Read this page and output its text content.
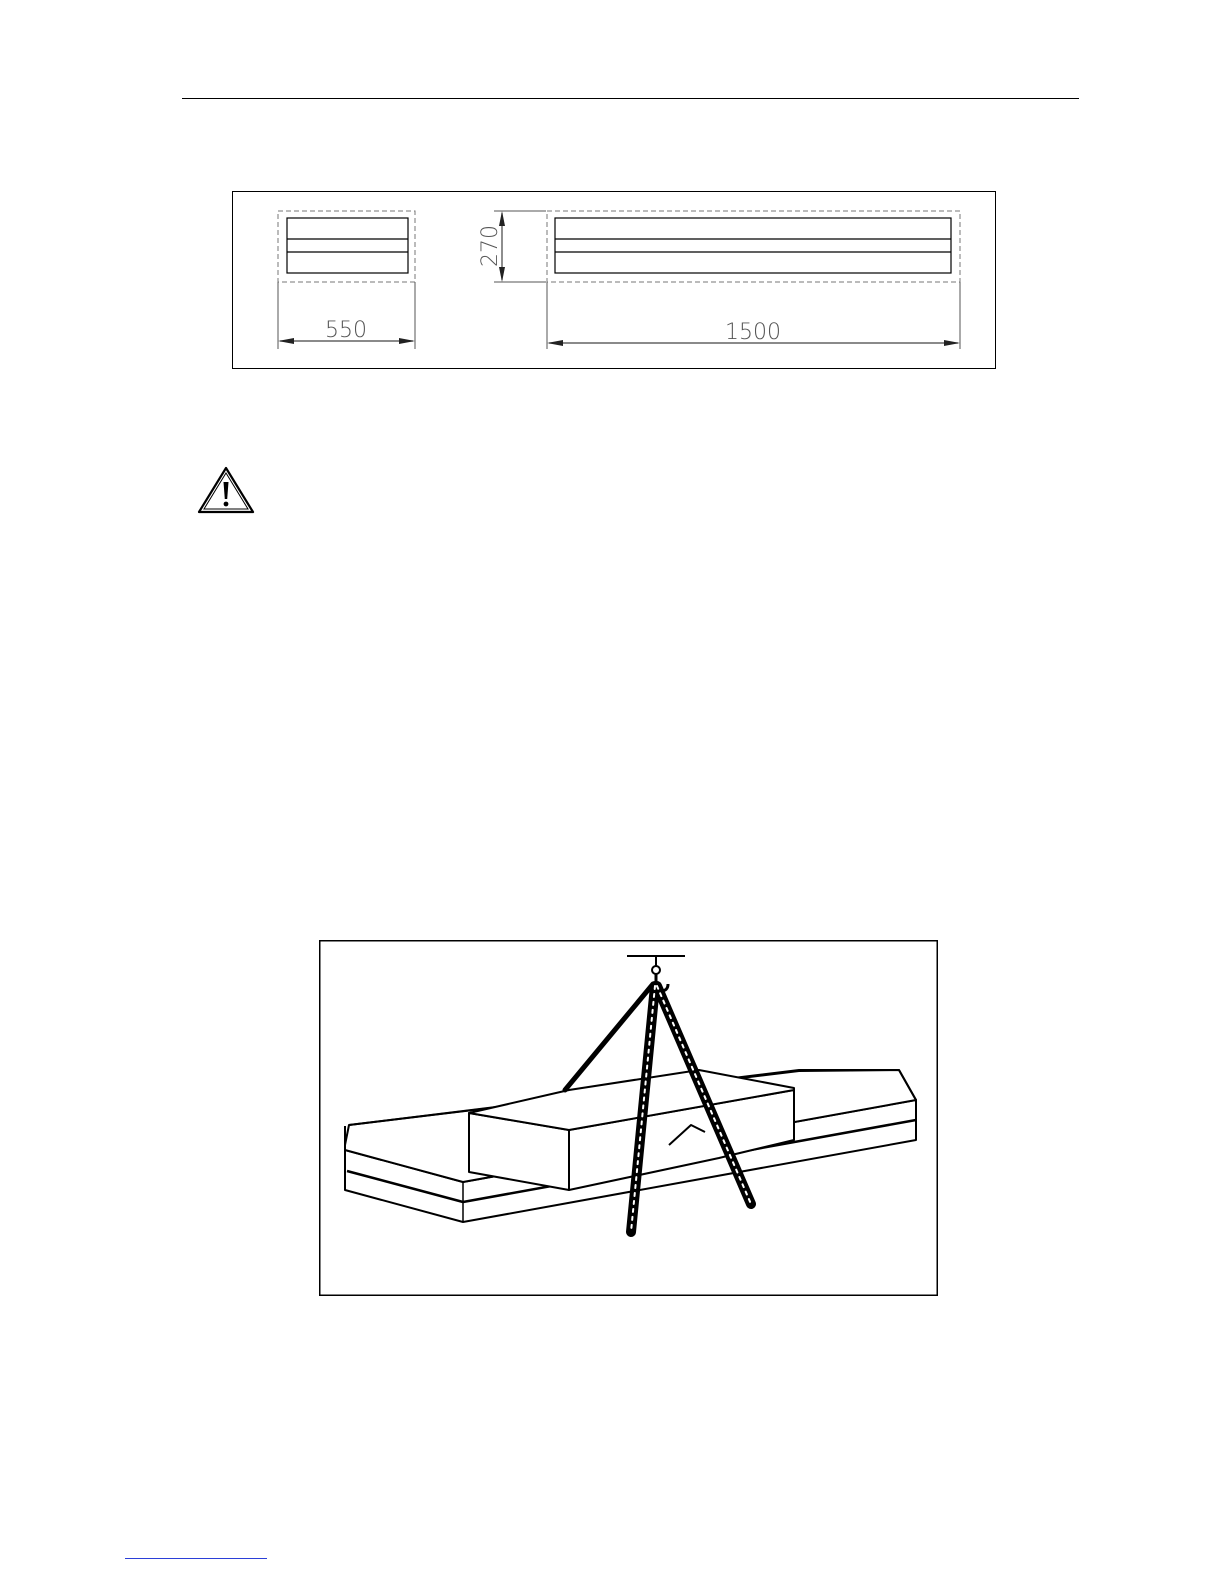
550
270
1500
